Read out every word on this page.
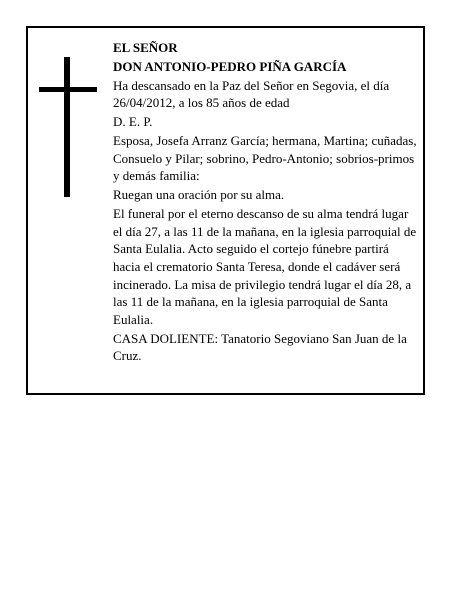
EL SEÑOR

DON ANTONIO-PEDRO PIÑA GARCÍA

Ha descansado en la Paz del Señor en Segovia, el día 26/04/2012, a los 85 años de edad

D. E. P.

Esposa, Josefa Arranz García; hermana, Martina; cuñadas, Consuelo y Pilar; sobrino, Pedro-Antonio; sobrios-primos y demás familia:

Ruegan una oración por su alma.

El funeral por el eterno descanso de su alma tendrá lugar el día 27, a las 11 de la mañana, en la iglesia parroquial de Santa Eulalia. Acto seguido el cortejo fúnebre partirá hacia el crematorio Santa Teresa, donde el cadáver será incinerado. La misa de privilegio tendrá lugar el día 28, a las 11 de la mañana, en la iglesia parroquial de Santa Eulalia.

CASA DOLIENTE: Tanatorio Segoviano San Juan de la Cruz.
